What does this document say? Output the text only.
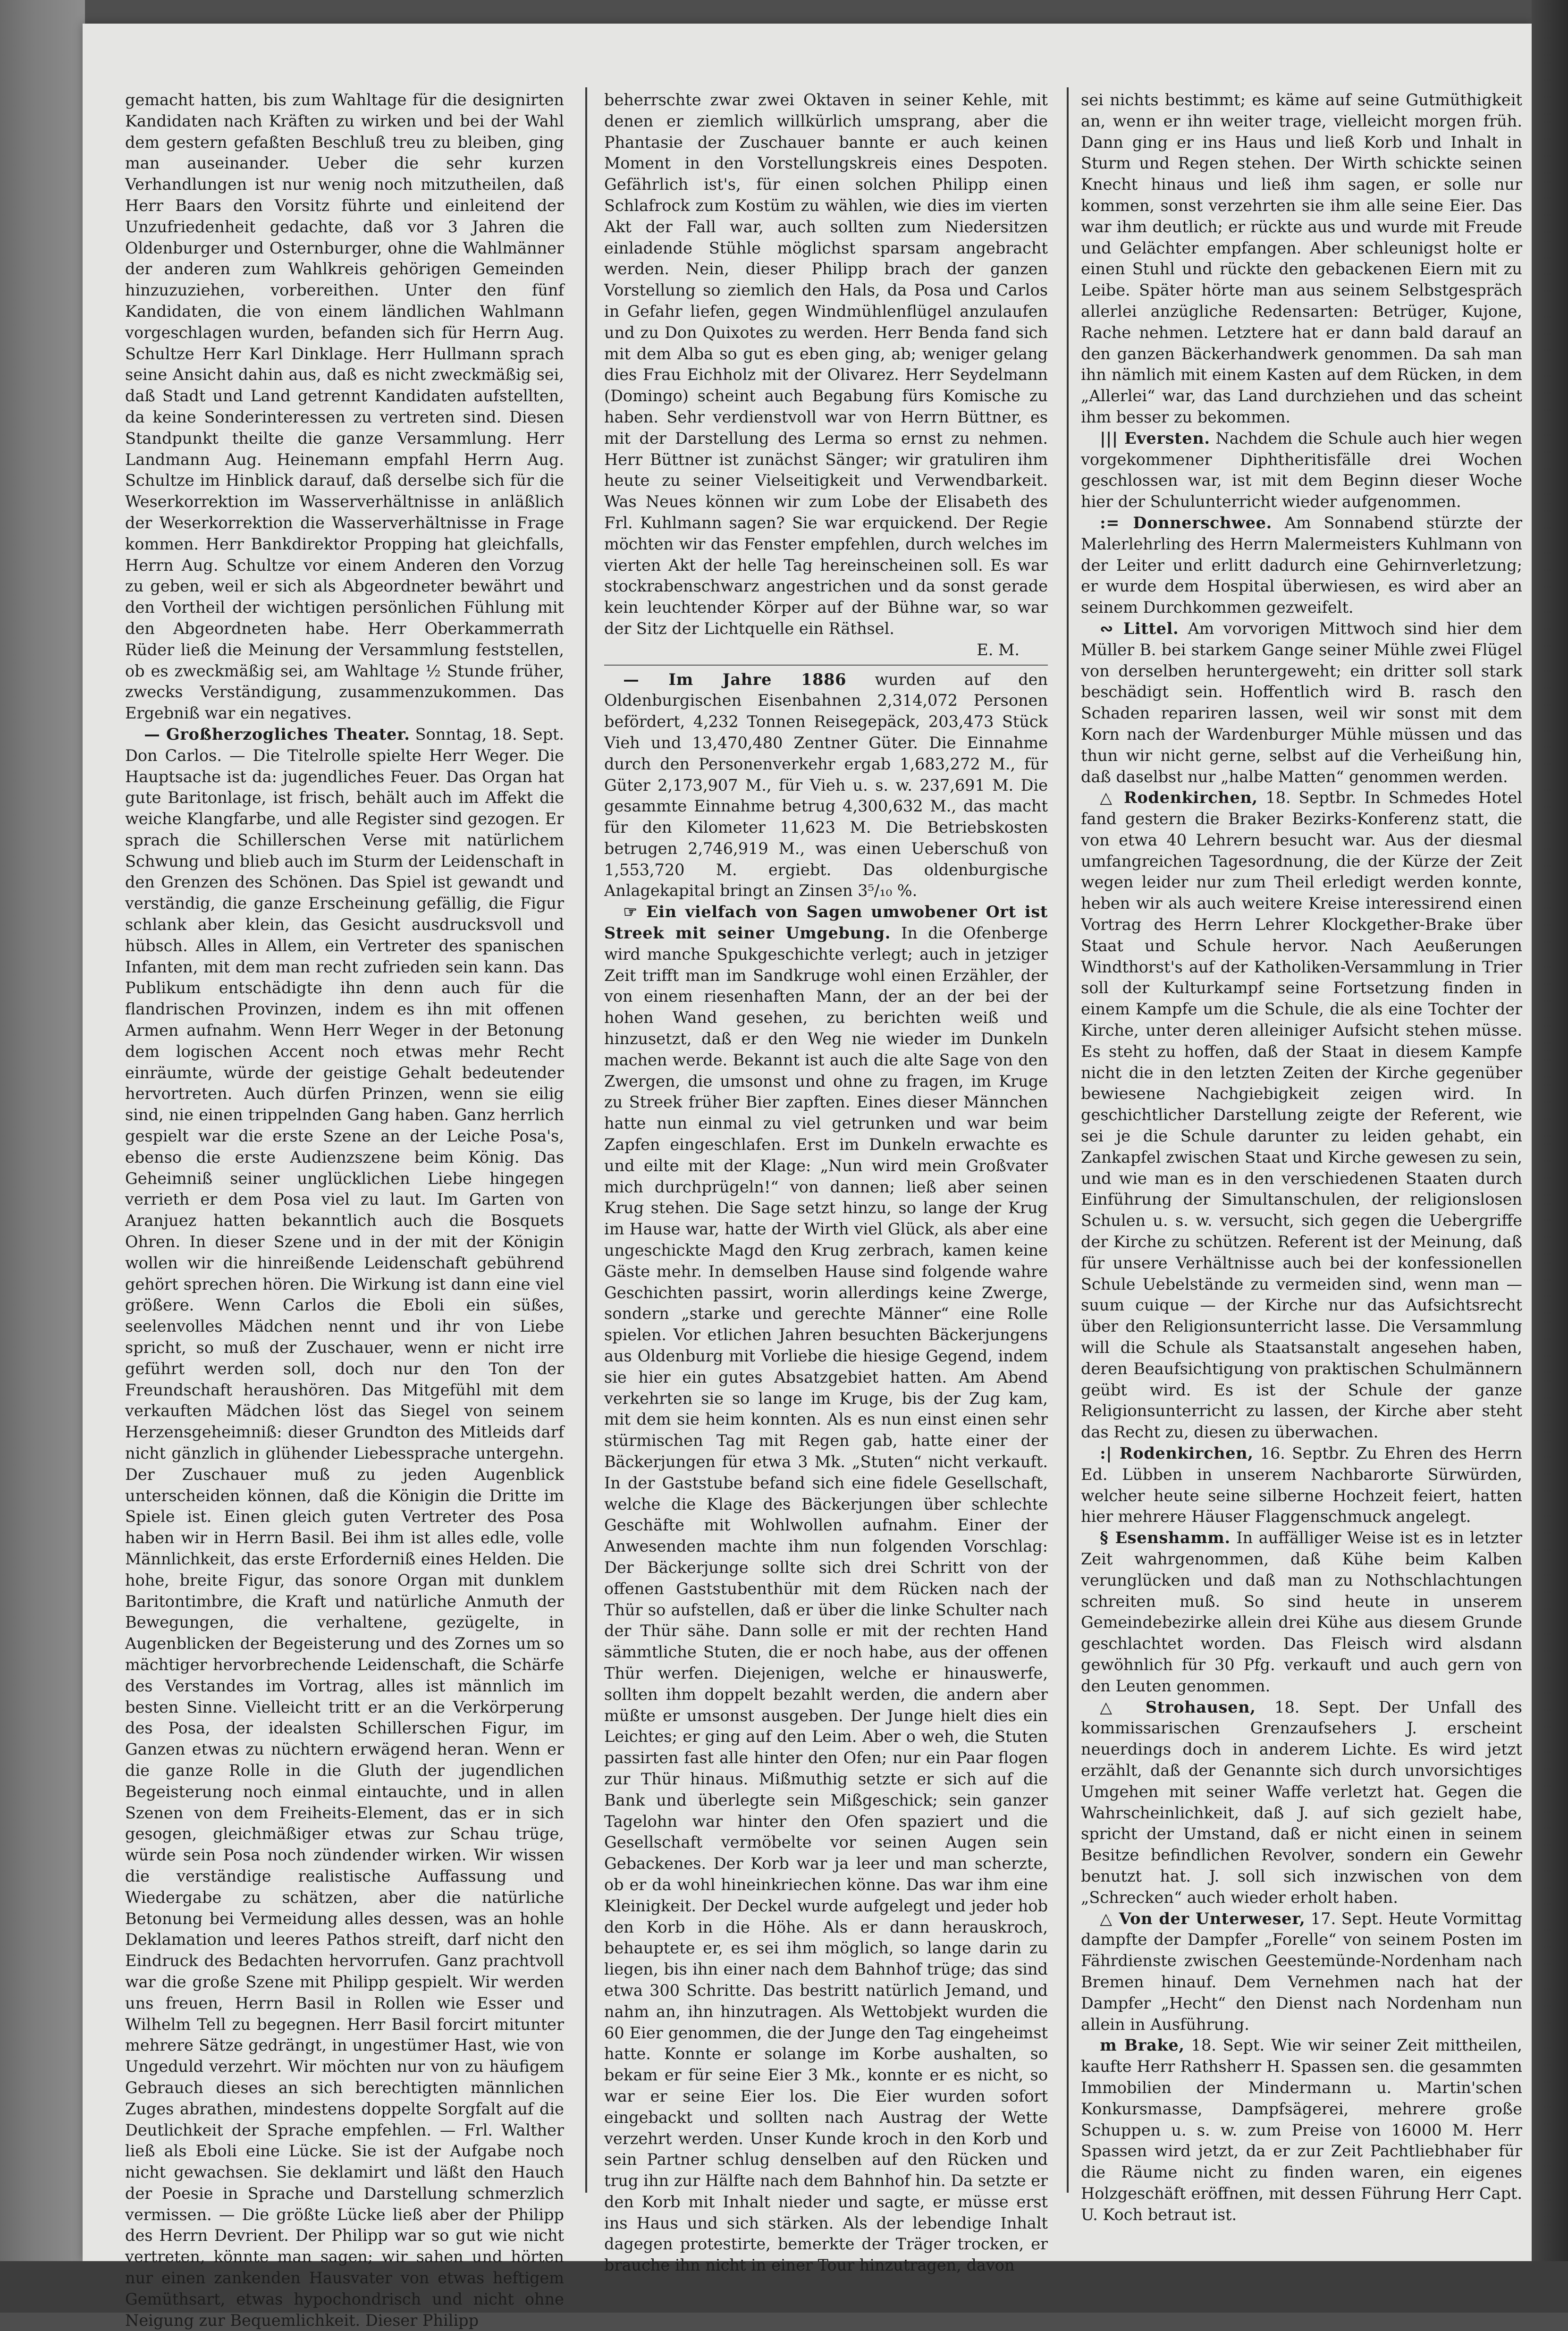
gemacht hatten, bis zum Wahltage für die designirten Kandidaten nach Kräften zu wirken und bei der Wahl dem gestern gefaßten Beschluß treu zu bleiben, ging man auseinander. Ueber die sehr kurzen Verhandlungen ist nur wenig noch mitzutheilen, daß Herr Baars den Vorsitz führte und einleitend der Unzufriedenheit gedachte, daß vor 3 Jahren die Oldenburger und Osternburger, ohne die Wahlmänner der anderen zum Wahlkreis gehörigen Gemeinden hinzuzuziehen, vorbereithen. Unter den fünf Kandidaten, die von einem ländlichen Wahlmann vorgeschlagen wurden, befanden sich für Herrn Aug. Schultze Herr Karl Dinklage. Herr Hullmann sprach seine Ansicht dahin aus, daß es nicht zweckmäßig sei, daß Stadt und Land getrennt Kandidaten aufstellten, da keine Sonderinteressen zu vertreten sind. Diesen Standpunkt theilte die ganze Versammlung. Herr Landmann Aug. Heinemann empfahl Herrn Aug. Schultze im Hinblick darauf, daß derselbe sich für die Weserkorrektion im Wasserverhältnisse in anläßlich der Weserkorrektion die Wasserverhältnisse in Frage kommen. Herr Bankdirektor Propping hat gleichfalls, Herrn Aug. Schultze vor einem Anderen den Vorzug zu geben, weil er sich als Abgeordneter bewährt und den Vortheil der wichtigen persönlichen Fühlung mit den Abgeordneten habe. Herr Oberkammerrath Rüder ließ die Meinung der Versammlung feststellen, ob es zweckmäßig sei, am Wahltage ½ Stunde früher, zwecks Verständigung, zusammenzukommen. Das Ergebniß war ein negatives.
— Großherzogliches Theater. Sonntag, 18. Sept. Don Carlos. — Die Titelrolle spielte Herr Weger. Die Hauptsache ist da: jugendliches Feuer. Das Organ hat gute Baritonlage, ist frisch, behält auch im Affekt die weiche Klangfarbe, und alle Register sind gezogen. Er sprach die Schillerschen Verse mit natürlichem Schwung und blieb auch im Sturm der Leidenschaft in den Grenzen des Schönen. Das Spiel ist gewandt und verständig, die ganze Erscheinung gefällig, die Figur schlank aber klein, das Gesicht ausdrucksvoll und hübsch. Alles in Allem, ein Vertreter des spanischen Infanten, mit dem man recht zufrieden sein kann. Das Publikum entschädigte ihn denn auch für die flandrischen Provinzen, indem es ihn mit offenen Armen aufnahm. Wenn Herr Weger in der Betonung dem logischen Accent noch etwas mehr Recht einräumte, würde der geistige Gehalt bedeutender hervortreten. Auch dürfen Prinzen, wenn sie eilig sind, nie einen trippelnden Gang haben. Ganz herrlich gespielt war die erste Szene an der Leiche Posa's, ebenso die erste Audienzszene beim König. Das Geheimniß seiner unglücklichen Liebe hingegen verrieth er dem Posa viel zu laut. Im Garten von Aranjuez hatten bekanntlich auch die Bosquets Ohren. In dieser Szene und in der mit der Königin wollen wir die hinreißende Leidenschaft gebührend gehört sprechen hören. Die Wirkung ist dann eine viel größere. Wenn Carlos die Eboli ein süßes, seelenvolles Mädchen nennt und ihr von Liebe spricht, so muß der Zuschauer, wenn er nicht irre geführt werden soll, doch nur den Ton der Freundschaft heraushören. Das Mitgefühl mit dem verkauften Mädchen löst das Siegel von seinem Herzensgeheimniß: dieser Grundton des Mitleids darf nicht gänzlich in glühender Liebessprache untergehn. Der Zuschauer muß zu jeden Augenblick unterscheiden können, daß die Königin die Dritte im Spiele ist. Einen gleich guten Vertreter des Posa haben wir in Herrn Basil. Bei ihm ist alles edle, volle Männlichkeit, das erste Erforderniß eines Helden. Die hohe, breite Figur, das sonore Organ mit dunklem Baritontimbre, die Kraft und natürliche Anmuth der Bewegungen, die verhaltene, gezügelte, in Augenblicken der Begeisterung und des Zornes um so mächtiger hervorbrechende Leidenschaft, die Schärfe des Verstandes im Vortrag, alles ist männlich im besten Sinne. Vielleicht tritt er an die Verkörperung des Posa, der idealsten Schillerschen Figur, im Ganzen etwas zu nüchtern erwägend heran. Wenn er die ganze Rolle in die Gluth der jugendlichen Begeisterung noch einmal eintauchte, und in allen Szenen von dem Freiheits-Element, das er in sich gesogen, gleichmäßiger etwas zur Schau trüge, würde sein Posa noch zündender wirken. Wir wissen die verständige realistische Auffassung und Wiedergabe zu schätzen, aber die natürliche Betonung bei Vermeidung alles dessen, was an hohle Deklamation und leeres Pathos streift, darf nicht den Eindruck des Bedachten hervorrufen. Ganz prachtvoll war die große Szene mit Philipp gespielt. Wir werden uns freuen, Herrn Basil in Rollen wie Esser und Wilhelm Tell zu begegnen. Herr Basil forcirt mitunter mehrere Sätze gedrängt, in ungestümer Hast, wie von Ungeduld verzehrt. Wir möchten nur von zu häufigem Gebrauch dieses an sich berechtigten männlichen Zuges abrathen, mindestens doppelte Sorgfalt auf die Deutlichkeit der Sprache empfehlen. — Frl. Walther ließ als Eboli eine Lücke. Sie ist der Aufgabe noch nicht gewachsen. Sie deklamirt und läßt den Hauch der Poesie in Sprache und Darstellung schmerzlich vermissen. — Die größte Lücke ließ aber der Philipp des Herrn Devrient. Der Philipp war so gut wie nicht vertreten, könnte man sagen; wir sahen und hörten nur einen zankenden Hausvater von etwas heftigem Gemüthsart, etwas hypochondrisch und nicht ohne Neigung zur Bequemlichkeit. Dieser Philipp
beherrschte zwar zwei Oktaven in seiner Kehle, mit denen er ziemlich willkürlich umsprang, aber die Phantasie der Zuschauer bannte er auch keinen Moment in den Vorstellungskreis eines Despoten. Gefährlich ist's, für einen solchen Philipp einen Schlafrock zum Kostüm zu wählen, wie dies im vierten Akt der Fall war, auch sollten zum Niedersitzen einladende Stühle möglichst sparsam angebracht werden. Nein, dieser Philipp brach der ganzen Vorstellung so ziemlich den Hals, da Posa und Carlos in Gefahr liefen, gegen Windmühlenflügel anzulaufen und zu Don Quixotes zu werden. Herr Benda fand sich mit dem Alba so gut es eben ging, ab; weniger gelang dies Frau Eichholz mit der Olivarez. Herr Seydelmann (Domingo) scheint auch Begabung fürs Komische zu haben. Sehr verdienstvoll war von Herrn Büttner, es mit der Darstellung des Lerma so ernst zu nehmen. Herr Büttner ist zunächst Sänger; wir gratuliren ihm heute zu seiner Vielseitigkeit und Verwendbarkeit. Was Neues können wir zum Lobe der Elisabeth des Frl. Kuhlmann sagen? Sie war erquickend. Der Regie möchten wir das Fenster empfehlen, durch welches im vierten Akt der helle Tag hereinscheinen soll. Es war stockrabenschwarz angestrichen und da sonst gerade kein leuchtender Körper auf der Bühne war, so war der Sitz der Lichtquelle ein Räthsel.
E. M.
— Im Jahre 1886 wurden auf den Oldenburgischen Eisenbahnen 2,314,072 Personen befördert, 4,232 Tonnen Reisegepäck, 203,473 Stück Vieh und 13,470,480 Zentner Güter. Die Einnahme durch den Personenverkehr ergab 1,683,272 M., für Güter 2,173,907 M., für Vieh u. s. w. 237,691 M. Die gesammte Einnahme betrug 4,300,632 M., das macht für den Kilometer 11,623 M. Die Betriebskosten betrugen 2,746,919 M., was einen Ueberschuß von 1,553,720 M. ergiebt. Das oldenburgische Anlagekapital bringt an Zinsen 3⁵/₁₀ %.
☞ Ein vielfach von Sagen umwobener Ort ist Streek mit seiner Umgebung. In die Ofenberge wird manche Spukgeschichte verlegt; auch in jetziger Zeit trifft man im Sandkruge wohl einen Erzähler, der von einem riesenhaften Mann, der an der bei der hohen Wand gesehen, zu berichten weiß und hinzusetzt, daß er den Weg nie wieder im Dunkeln machen werde. Bekannt ist auch die alte Sage von den Zwergen, die umsonst und ohne zu fragen, im Kruge zu Streek früher Bier zapften. Eines dieser Männchen hatte nun einmal zu viel getrunken und war beim Zapfen eingeschlafen. Erst im Dunkeln erwachte es und eilte mit der Klage: „Nun wird mein Großvater mich durchprügeln!“ von dannen; ließ aber seinen Krug stehen. Die Sage setzt hinzu, so lange der Krug im Hause war, hatte der Wirth viel Glück, als aber eine ungeschickte Magd den Krug zerbrach, kamen keine Gäste mehr. In demselben Hause sind folgende wahre Geschichten passirt, worin allerdings keine Zwerge, sondern „starke und gerechte Männer“ eine Rolle spielen. Vor etlichen Jahren besuchten Bäckerjungens aus Oldenburg mit Vorliebe die hiesige Gegend, indem sie hier ein gutes Absatzgebiet hatten. Am Abend verkehrten sie so lange im Kruge, bis der Zug kam, mit dem sie heim konnten. Als es nun einst einen sehr stürmischen Tag mit Regen gab, hatte einer der Bäckerjungen für etwa 3 Mk. „Stuten“ nicht verkauft. In der Gaststube befand sich eine fidele Gesellschaft, welche die Klage des Bäckerjungen über schlechte Geschäfte mit Wohlwollen aufnahm. Einer der Anwesenden machte ihm nun folgenden Vorschlag: Der Bäckerjunge sollte sich drei Schritt von der offenen Gaststubenthür mit dem Rücken nach der Thür so aufstellen, daß er über die linke Schulter nach der Thür sähe. Dann solle er mit der rechten Hand sämmtliche Stuten, die er noch habe, aus der offenen Thür werfen. Diejenigen, welche er hinauswerfe, sollten ihm doppelt bezahlt werden, die andern aber müßte er umsonst ausgeben. Der Junge hielt dies ein Leichtes; er ging auf den Leim. Aber o weh, die Stuten passirten fast alle hinter den Ofen; nur ein Paar flogen zur Thür hinaus. Mißmuthig setzte er sich auf die Bank und überlegte sein Mißgeschick; sein ganzer Tagelohn war hinter den Ofen spaziert und die Gesellschaft vermöbelte vor seinen Augen sein Gebackenes. Der Korb war ja leer und man scherzte, ob er da wohl hineinkriechen könne. Das war ihm eine Kleinigkeit. Der Deckel wurde aufgelegt und jeder hob den Korb in die Höhe. Als er dann herauskroch, behauptete er, es sei ihm möglich, so lange darin zu liegen, bis ihn einer nach dem Bahnhof trüge; das sind etwa 300 Schritte. Das bestritt natürlich Jemand, und nahm an, ihn hinzutragen. Als Wettobjekt wurden die 60 Eier genommen, die der Junge den Tag eingeheimst hatte. Konnte er solange im Korbe aushalten, so bekam er für seine Eier 3 Mk., konnte er es nicht, so war er seine Eier los. Die Eier wurden sofort eingebackt und sollten nach Austrag der Wette verzehrt werden. Unser Kunde kroch in den Korb und sein Partner schlug denselben auf den Rücken und trug ihn zur Hälfte nach dem Bahnhof hin. Da setzte er den Korb mit Inhalt nieder und sagte, er müsse erst ins Haus und sich stärken. Als der lebendige Inhalt dagegen protestirte, bemerkte der Träger trocken, er brauche ihn nicht in einer Tour hinzutragen, davon
sei nichts bestimmt; es käme auf seine Gutmüthigkeit an, wenn er ihn weiter trage, vielleicht morgen früh. Dann ging er ins Haus und ließ Korb und Inhalt in Sturm und Regen stehen. Der Wirth schickte seinen Knecht hinaus und ließ ihm sagen, er solle nur kommen, sonst verzehrten sie ihm alle seine Eier. Das war ihm deutlich; er rückte aus und wurde mit Freude und Gelächter empfangen. Aber schleunigst holte er einen Stuhl und rückte den gebackenen Eiern mit zu Leibe. Später hörte man aus seinem Selbstgespräch allerlei anzügliche Redensarten: Betrüger, Kujone, Rache nehmen. Letztere hat er dann bald darauf an den ganzen Bäckerhandwerk genommen. Da sah man ihn nämlich mit einem Kasten auf dem Rücken, in dem „Allerlei“ war, das Land durchziehen und das scheint ihm besser zu bekommen.
||| Eversten. Nachdem die Schule auch hier wegen vorgekommener Diphtheritisfälle drei Wochen geschlossen war, ist mit dem Beginn dieser Woche hier der Schulunterricht wieder aufgenommen.
:= Donnerschwee. Am Sonnabend stürzte der Malerlehrling des Herrn Malermeisters Kuhlmann von der Leiter und erlitt dadurch eine Gehirnverletzung; er wurde dem Hospital überwiesen, es wird aber an seinem Durchkommen gezweifelt.
∾ Littel. Am vorvorigen Mittwoch sind hier dem Müller B. bei starkem Gange seiner Mühle zwei Flügel von derselben heruntergeweht; ein dritter soll stark beschädigt sein. Hoffentlich wird B. rasch den Schaden repariren lassen, weil wir sonst mit dem Korn nach der Wardenburger Mühle müssen und das thun wir nicht gerne, selbst auf die Verheißung hin, daß daselbst nur „halbe Matten“ genommen werden.
△ Rodenkirchen, 18. Septbr. In Schmedes Hotel fand gestern die Braker Bezirks-Konferenz statt, die von etwa 40 Lehrern besucht war. Aus der diesmal umfangreichen Tagesordnung, die der Kürze der Zeit wegen leider nur zum Theil erledigt werden konnte, heben wir als auch weitere Kreise interessirend einen Vortrag des Herrn Lehrer Klockgether-Brake über Staat und Schule hervor. Nach Aeußerungen Windthorst's auf der Katholiken-Versammlung in Trier soll der Kulturkampf seine Fortsetzung finden in einem Kampfe um die Schule, die als eine Tochter der Kirche, unter deren alleiniger Aufsicht stehen müsse. Es steht zu hoffen, daß der Staat in diesem Kampfe nicht die in den letzten Zeiten der Kirche gegenüber bewiesene Nachgiebigkeit zeigen wird. In geschichtlicher Darstellung zeigte der Referent, wie sei je die Schule darunter zu leiden gehabt, ein Zankapfel zwischen Staat und Kirche gewesen zu sein, und wie man es in den verschiedenen Staaten durch Einführung der Simultanschulen, der religionslosen Schulen u. s. w. versucht, sich gegen die Uebergriffe der Kirche zu schützen. Referent ist der Meinung, daß für unsere Verhältnisse auch bei der konfessionellen Schule Uebelstände zu vermeiden sind, wenn man — suum cuique — der Kirche nur das Aufsichtsrecht über den Religionsunterricht lasse. Die Versammlung will die Schule als Staatsanstalt angesehen haben, deren Beaufsichtigung von praktischen Schulmännern geübt wird. Es ist der Schule der ganze Religionsunterricht zu lassen, der Kirche aber steht das Recht zu, diesen zu überwachen.
:| Rodenkirchen, 16. Septbr. Zu Ehren des Herrn Ed. Lübben in unserem Nachbarorte Sürwürden, welcher heute seine silberne Hochzeit feiert, hatten hier mehrere Häuser Flaggenschmuck angelegt.
§ Esenshamm. In auffälliger Weise ist es in letzter Zeit wahrgenommen, daß Kühe beim Kalben verunglücken und daß man zu Nothschlachtungen schreiten muß. So sind heute in unserem Gemeindebezirke allein drei Kühe aus diesem Grunde geschlachtet worden. Das Fleisch wird alsdann gewöhnlich für 30 Pfg. verkauft und auch gern von den Leuten genommen.
△ Strohausen, 18. Sept. Der Unfall des kommissarischen Grenzaufsehers J. erscheint neuerdings doch in anderem Lichte. Es wird jetzt erzählt, daß der Genannte sich durch unvorsichtiges Umgehen mit seiner Waffe verletzt hat. Gegen die Wahrscheinlichkeit, daß J. auf sich gezielt habe, spricht der Umstand, daß er nicht einen in seinem Besitze befindlichen Revolver, sondern ein Gewehr benutzt hat. J. soll sich inzwischen von dem „Schrecken“ auch wieder erholt haben.
△ Von der Unterweser, 17. Sept. Heute Vormittag dampfte der Dampfer „Forelle“ von seinem Posten im Fährdienste zwischen Geestemünde-Nordenham nach Bremen hinauf. Dem Vernehmen nach hat der Dampfer „Hecht“ den Dienst nach Nordenham nun allein in Ausführung.
m Brake, 18. Sept. Wie wir seiner Zeit mittheilen, kaufte Herr Rathsherr H. Spassen sen. die gesammten Immobilien der Mindermann u. Martin'schen Konkursmasse, Dampfsägerei, mehrere große Schuppen u. s. w. zum Preise von 16000 M. Herr Spassen wird jetzt, da er zur Zeit Pachtliebhaber für die Räume nicht zu finden waren, ein eigenes Holzgeschäft eröffnen, mit dessen Führung Herr Capt. U. Koch betraut ist.
